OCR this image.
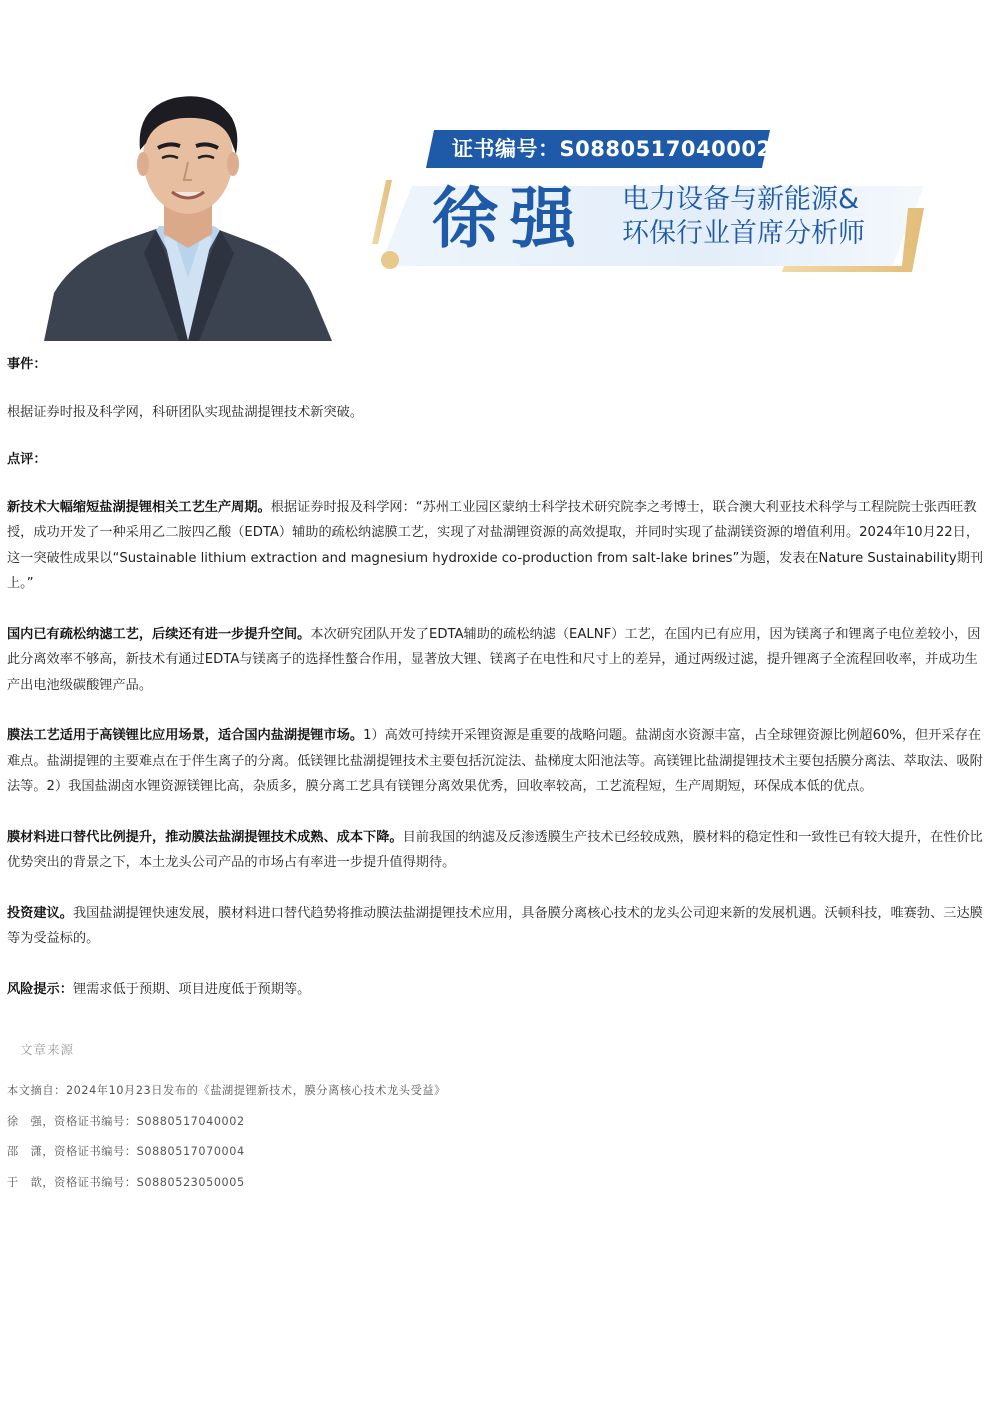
证书编号：S0880517040002
徐强 电力设备与新能源&
环保行业首席分析师

事件：

根据证券时报及科学网，科研团队实现盐湖提锂技术新突破。

点评：

新技术大幅缩短盐湖提锂相关工艺生产周期。根据证券时报及科学网：“苏州工业园区蒙纳士科学技术研究院李之考博士，联合澳大利亚技术科学与工程院院士张西旺教授，成功开发了一种采用乙二胺四乙酸（EDTA）辅助的疏松纳滤膜工艺，实现了对盐湖锂资源的高效提取，并同时实现了盐湖镁资源的增值利用。2024年10月22日，这一突破性成果以“Sustainable lithium extraction and magnesium hydroxide co-production from salt-lake brines”为题，发表在Nature Sustainability期刊上。”

国内已有疏松纳滤工艺，后续还有进一步提升空间。本次研究团队开发了EDTA辅助的疏松纳滤（EALNF）工艺，在国内已有应用，因为镁离子和锂离子电位差较小，因此分离效率不够高，新技术有通过EDTA与镁离子的选择性螯合作用，显著放大锂、镁离子在电性和尺寸上的差异，通过两级过滤，提升锂离子全流程回收率，并成功生产出电池级碳酸锂产品。

膜法工艺适用于高镁锂比应用场景，适合国内盐湖提锂市场。1）高效可持续开采锂资源是重要的战略问题。盐湖卤水资源丰富，占全球锂资源比例超60%，但开采存在难点。盐湖提锂的主要难点在于伴生离子的分离。低镁锂比盐湖提锂技术主要包括沉淀法、盐梯度太阳池法等。高镁锂比盐湖提锂技术主要包括膜分离法、萃取法、吸附法等。2）我国盐湖卤水锂资源镁锂比高，杂质多，膜分离工艺具有镁锂分离效果优秀，回收率较高，工艺流程短，生产周期短，环保成本低的优点。

膜材料进口替代比例提升，推动膜法盐湖提锂技术成熟、成本下降。目前我国的纳滤及反渗透膜生产技术已经较成熟，膜材料的稳定性和一致性已有较大提升，在性价比优势突出的背景之下，本土龙头公司产品的市场占有率进一步提升值得期待。

投资建议。我国盐湖提锂快速发展，膜材料进口替代趋势将推动膜法盐湖提锂技术应用，具备膜分离核心技术的龙头公司迎来新的发展机遇。沃顿科技，唯赛勃、三达膜等为受益标的。

风险提示：锂需求低于预期、项目进度低于预期等。

文章来源
本文摘自：2024年10月23日发布的《盐湖提锂新技术，膜分离核心技术龙头受益》
徐　强，资格证书编号：S0880517040002
邵　潇，资格证书编号：S0880517070004
于　歆，资格证书编号：S0880523050005
